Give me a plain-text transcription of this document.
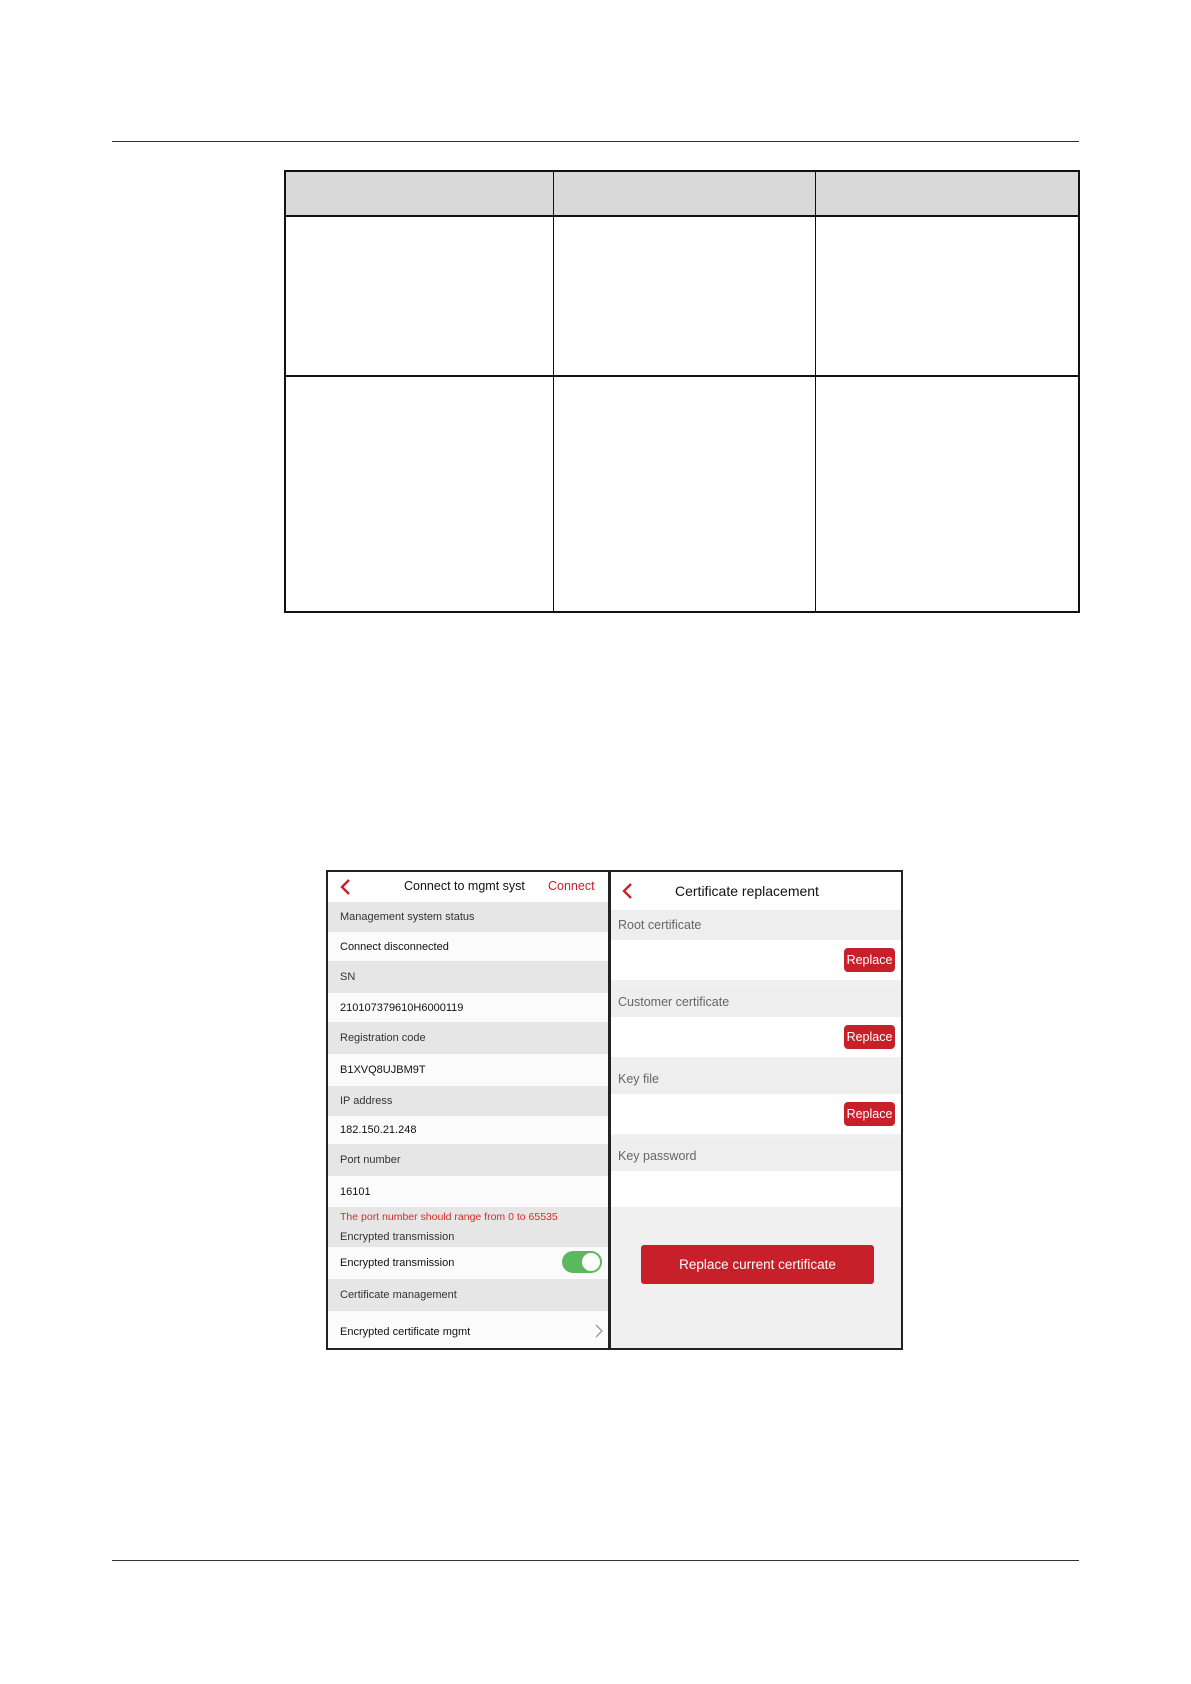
Connect to mgmt syst Connect
Management system status
Connect disconnected
SN
210107379610H6000119
Registration code
B1XVQ8UJBM9T
IP address
182.150.21.248
Port number
16101
The port number should range from 0 to 65535
Encrypted transmission
Encrypted transmission
Certificate management
Encrypted certificate mgmt
Certificate replacement
Root certificate
Replace
Customer certificate
Replace
Key file
Replace
Key password
Replace current certificate
